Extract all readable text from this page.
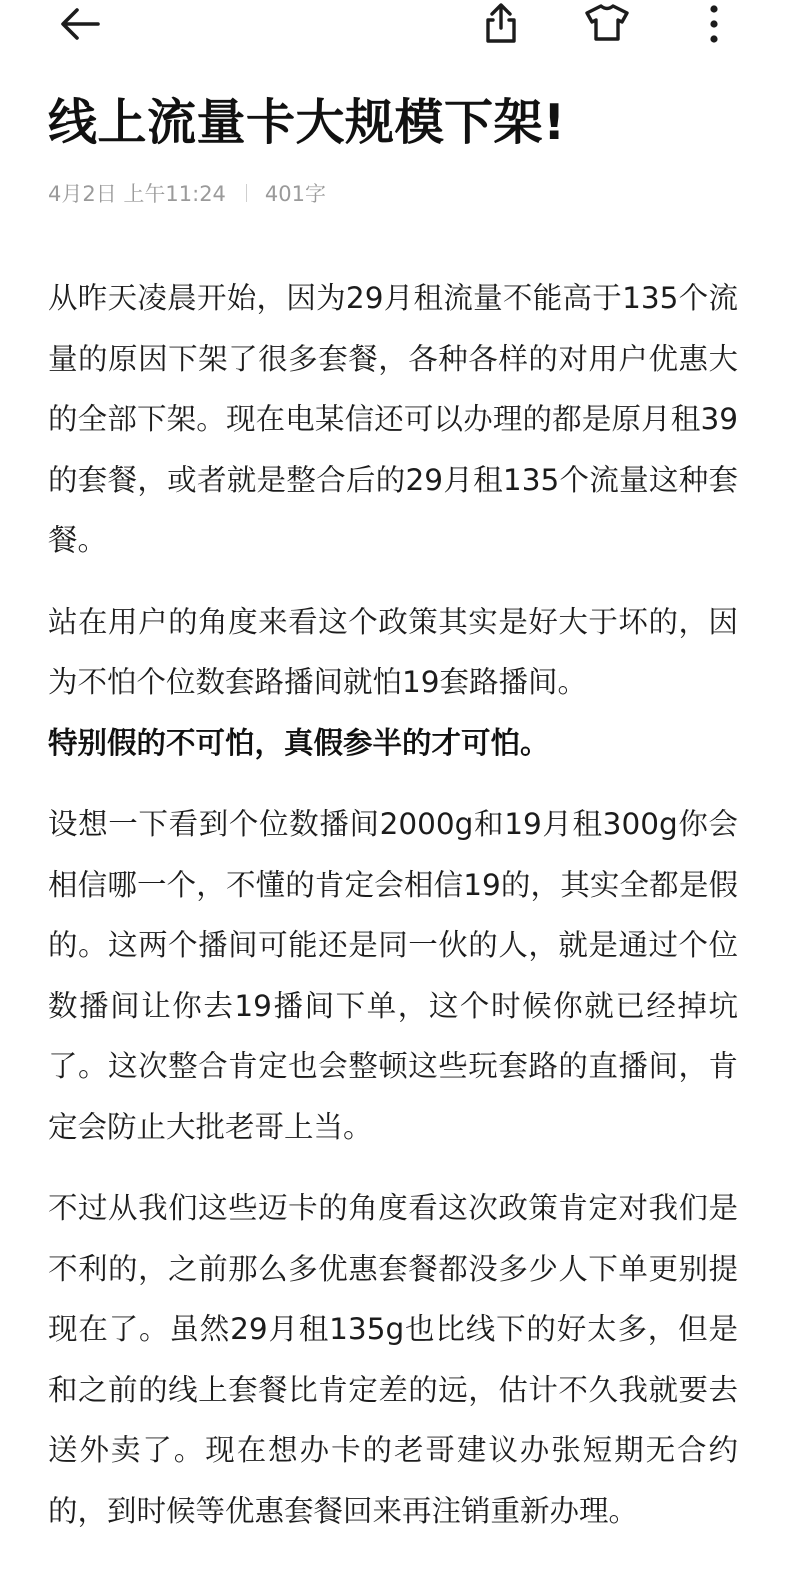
线上流量卡大规模下架!
4月2日 上午11:24 401字

从昨天凌晨开始，因为29月租流量不能高于135个流量的原因下架了很多套餐，各种各样的对用户优惠大的全部下架。现在电某信还可以办理的都是原月租39的套餐，或者就是整合后的29月租135个流量这种套餐。

站在用户的角度来看这个政策其实是好大于坏的，因为不怕个位数套路播间就怕19套路播间。
特别假的不可怕，真假参半的才可怕。

设想一下看到个位数播间2000g和19月租300g你会相信哪一个，不懂的肯定会相信19的，其实全都是假的。这两个播间可能还是同一伙的人，就是通过个位数播间让你去19播间下单，这个时候你就已经掉坑了。这次整合肯定也会整顿这些玩套路的直播间，肯定会防止大批老哥上当。

不过从我们这些迈卡的角度看这次政策肯定对我们是不利的，之前那么多优惠套餐都没多少人下单更别提现在了。虽然29月租135g也比线下的好太多，但是和之前的线上套餐比肯定差的远，估计不久我就要去送外卖了。现在想办卡的老哥建议办张短期无合约的，到时候等优惠套餐回来再注销重新办理。
